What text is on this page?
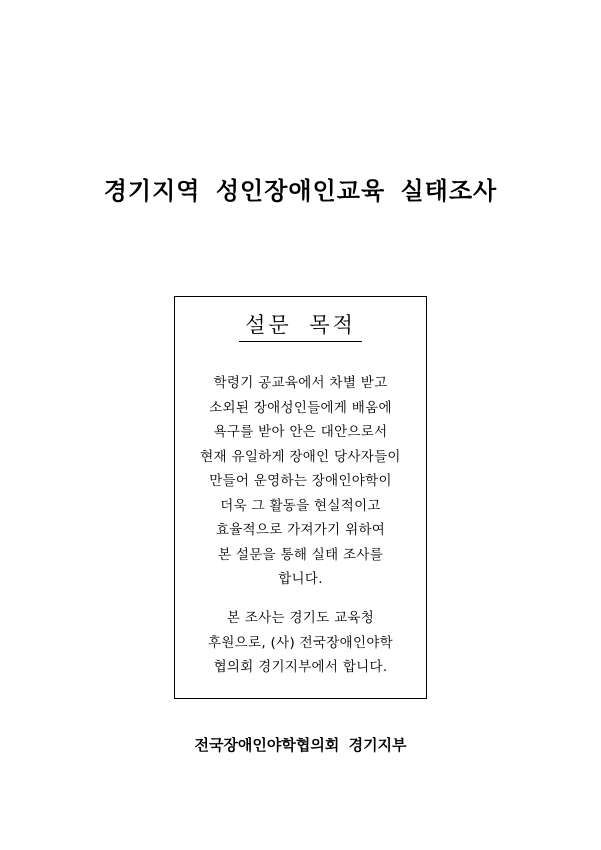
경기지역 성인장애인교육 실태조사
설문 목적
학령기 공교육에서 차별 받고
소외된 장애성인들에게 배움에
욕구를 받아 안은 대안으로서
현재 유일하게 장애인 당사자들이
만들어 운영하는 장애인야학이
더욱 그 활동을 현실적이고
효율적으로 가져가기 위하여
본 설문을 통해 실태 조사를
합니다.
본 조사는 경기도 교육청
후원으로, (사) 전국장애인야학
협의회 경기지부에서 합니다.
전국장애인야학협의회 경기지부
